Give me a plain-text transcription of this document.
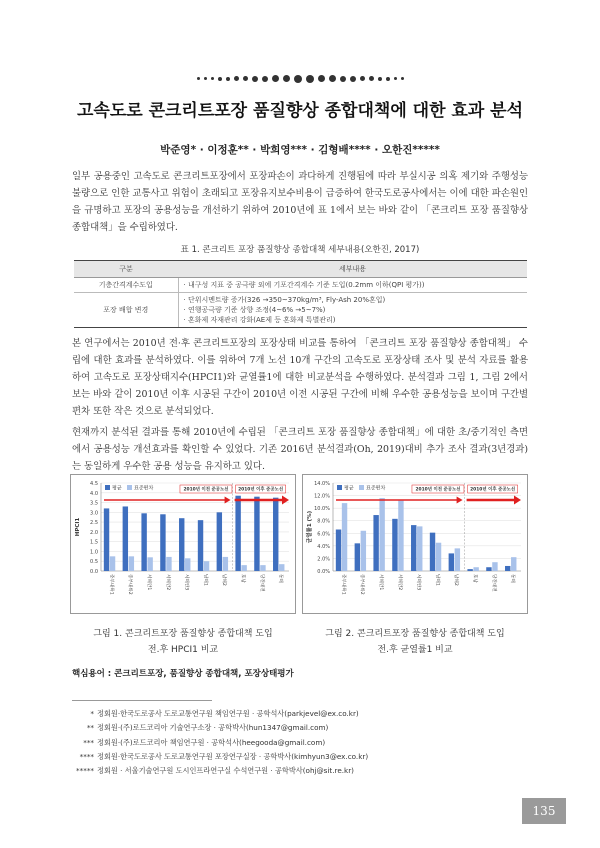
고속도로 콘크리트포장 품질향상 종합대책에 대한 효과 분석
박준영* · 이정훈** · 박희영*** · 김형배**** · 오한진*****

일부 공용중인 고속도로 콘크리트포장에서 포장파손이 과다하게 진행됨에 따라 부실시공 의혹 제기와 주행성능 불량으로 인한 교통사고 위험이 초래되고 포장유지보수비용이 급증하여 한국도로공사에서는 이에 대한 파손원인을 규명하고 포장의 공용성능을 개선하기 위하여 2010년에 표 1에서 보는 바와 같이 「콘크리트 포장 품질향상 종합대책」을 수립하였다.

표 1. 콘크리트 포장 품질향상 종합대책 세부내용(오한진, 2017)
구분	세부내용
기층간격계수도입	· 내구성 지표 중 공극량 외에 기포간격계수 기준 도입(0.2mm 이하(QPI 평가))
포장 배합 변경	· 단위시멘트량 증가(326 →350~370kg/m³, Fly-Ash 20%혼입)
· 연행공극량 기준 상향 조정(4~6% →5~7%)
· 혼화제 자재관리 강화(AE제 등 혼화제 특별관리)

본 연구에서는 2010년 전·후 콘크리트포장의 포장상태 비교를 통하여 「콘크리트 포장 품질향상 종합대책」 수립에 대한 효과를 분석하였다. 이를 위하여 7개 노선 10개 구간의 고속도로 포장상태 조사 및 분석 자료를 활용하여 고속도로 포장상태지수(HPCI1)와 균열률1에 대한 비교분석을 수행하였다. 분석결과 그림 1, 그림 2에서 보는 바와 같이 2010년 이후 시공된 구간이 2010년 이전 시공된 구간에 비해 우수한 공용성능을 보이며 구간별 편차 또한 작은 것으로 분석되었다.

현재까지 분석된 결과를 통해 2010년에 수립된 「콘크리트 포장 품질향상 종합대책」에 대한 초/중기적인 측면에서 공용성능 개선효과를 확인할 수 있었다. 기존 2016년 분석결과(Oh, 2019)대비 추가 조사 결과(3년경과)는 동일하게 우수한 공용 성능을 유지하고 있다.

0.0
0.5
1.0
1.5
2.0
2.5
3.0
3.5
4.0
4.5
HPCI1
중부내륙1	중부내륙2	서해안1	서해안2	서해안3	남해1	남해2	호남	당진대전	동해
2010년 이전 준공노선 2010년 이후 준공노선
평균 표준편차
0.0%
2.0%
4.0%
6.0%
8.0%
10.0%
12.0%
14.0%
균열률1 (%)
중부내륙1	중부내륙2	서해안1	서해안2	서해안3	남해1	남해2	호남	당진대전	동해
2010년 이전 준공노선 2010년 이후 준공노선
평균 표준편차
그림 1. 콘크리트포장 품질향상 종합대책 도입
전.후 HPCI1 비교
그림 2. 콘크리트포장 품질향상 종합대책 도입
전.후 균열률1 비교
핵심용어 : 콘크리트포장, 품질향상 종합대책, 포장상태평가
* 정회원·한국도로공사 도로교통연구원 책임연구원 · 공학석사(parkjevel@ex.co.kr)
** 정회원·(주)로드코리아 기술연구소장 · 공학박사(hun1347@gmail.com)
*** 정회원·(주)로드코리아 책임연구원 · 공학석사(heegooda@gmail.com)
**** 정회원·한국도로공사 도로교통연구원 포장연구실장 · 공학박사(kimhyun3@ex.co.kr)
***** 정회원 · 서울기술연구원 도시인프라연구실 수석연구원 · 공학박사(ohj@sit.re.kr)
135
